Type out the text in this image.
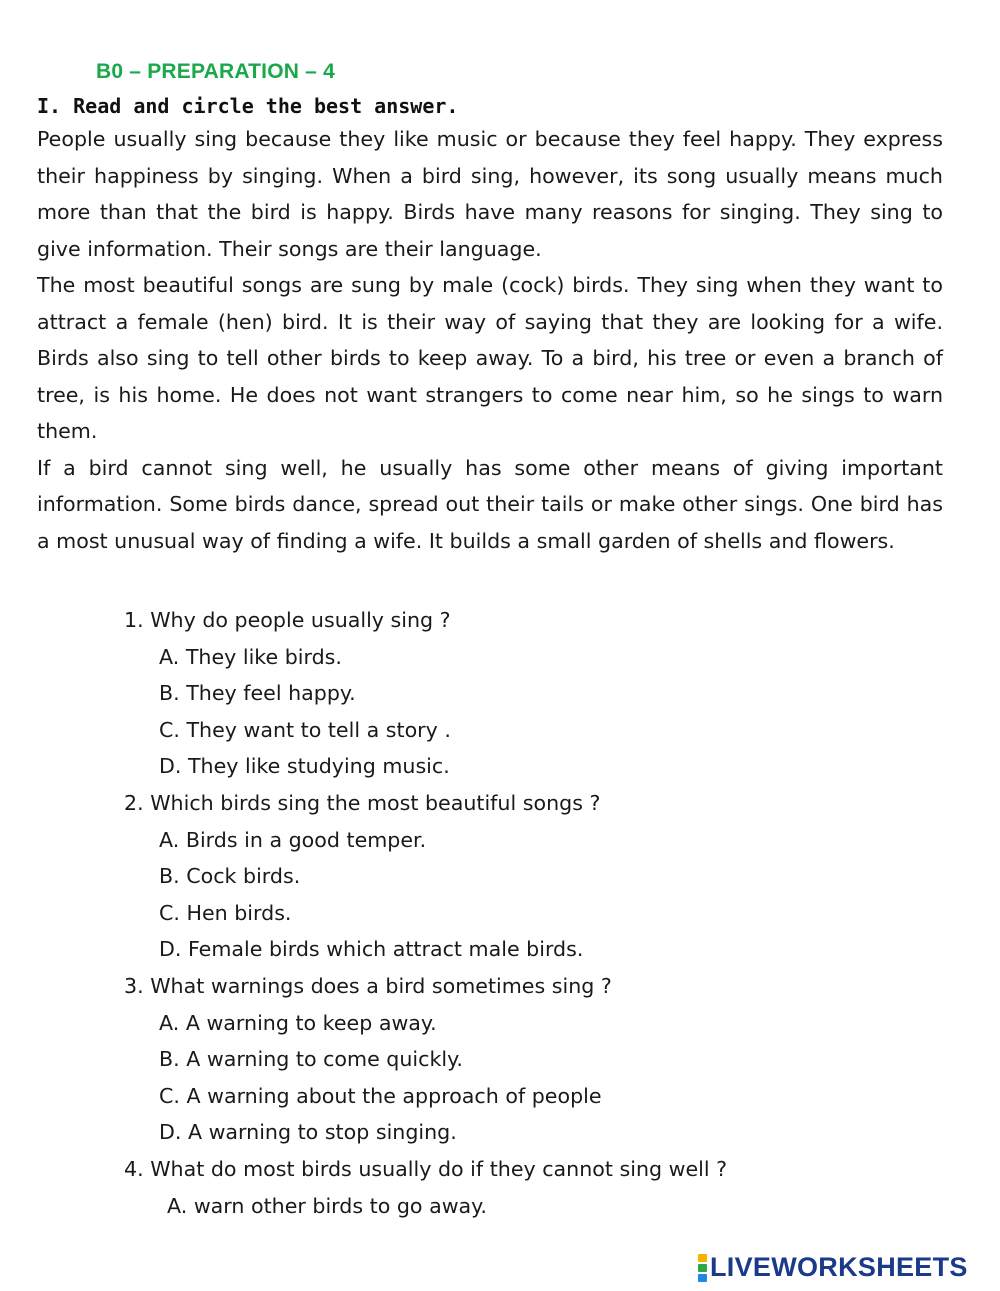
B0 – PREPARATION – 4
I. Read and circle the best answer.

People usually sing because they like music or because they feel happy. They express their happiness by singing. When a bird sing, however, its song usually means much more than that the bird is happy. Birds have many reasons for singing. They sing to give information. Their songs are their language.

The most beautiful songs are sung by male (cock) birds. They sing when they want to attract a female (hen) bird. It is their way of saying that they are looking for a wife. Birds also sing to tell other birds to keep away. To a bird, his tree or even a branch of tree, is his home. He does not want strangers to come near him, so he sings to warn them.

If a bird cannot sing well, he usually has some other means of giving important information. Some birds dance, spread out their tails or make other sings. One bird has a most unusual way of finding a wife. It builds a small garden of shells and flowers.

1. Why do people usually sing ?
A. They like birds.
B. They feel happy.
C. They want to tell a story .
D. They like studying music.
2. Which birds sing the most beautiful songs ?
A. Birds in a good temper.
B. Cock birds.
C. Hen birds.
D. Female birds which attract male birds.
3. What warnings does a bird sometimes sing ?
A. A warning to keep away.
B. A warning to come quickly.
C. A warning about the approach of people
D. A warning to stop singing.
4. What do most birds usually do if they cannot sing well ?
A. warn other birds to go away.
LIVEWORKSHEETS
